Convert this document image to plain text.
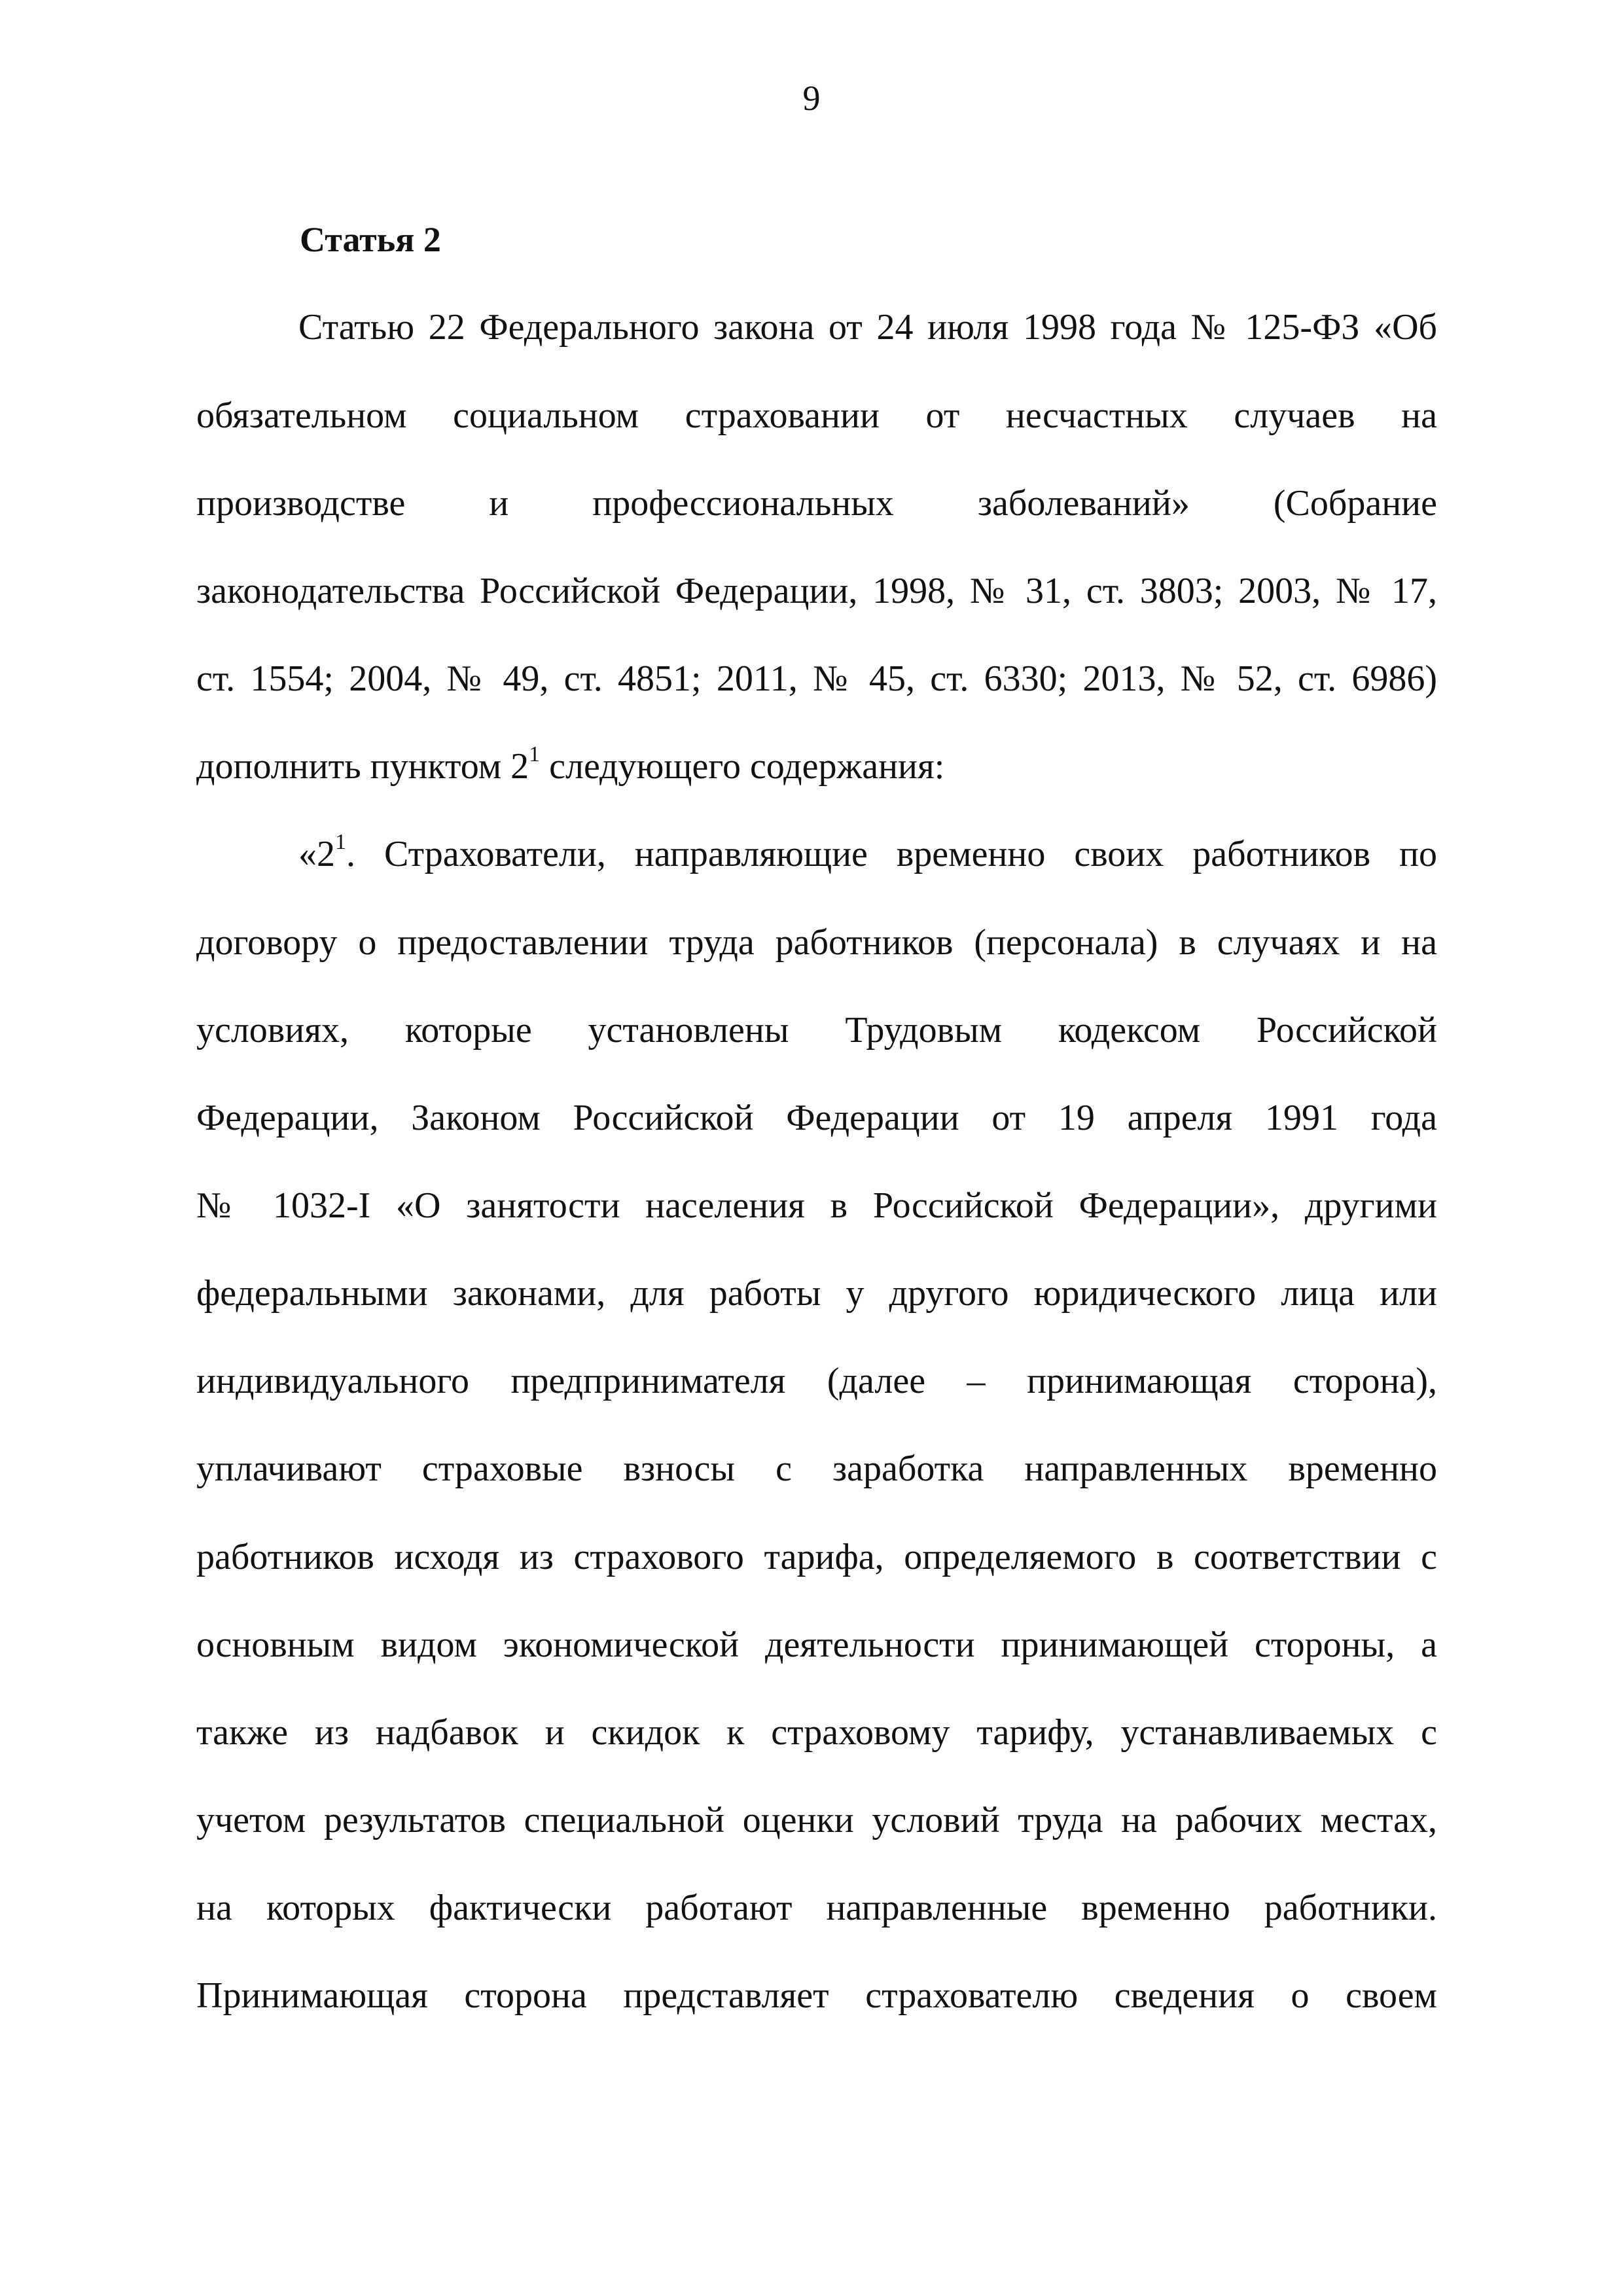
9
Статья 2
Статью 22 Федерального закона от 24 июля 1998 года № 125-ФЗ «Об
обязательном социальном страховании от несчастных случаев на
производстве и профессиональных заболеваний» (Собрание
законодательства Российской Федерации, 1998, № 31, ст. 3803; 2003, № 17,
ст. 1554; 2004, № 49, ст. 4851; 2011, № 45, ст. 6330; 2013, № 52, ст. 6986)
дополнить пунктом $2^1$ следующего содержания:
«$2^1$. Страхователи, направляющие временно своих работников по
договору о предоставлении труда работников (персонала) в случаях и на
условиях, которые установлены Трудовым кодексом Российской
Федерации, Законом Российской Федерации от 19 апреля 1991 года
№ 1032-I «О занятости населения в Российской Федерации», другими
федеральными законами, для работы у другого юридического лица или
индивидуального предпринимателя (далее – принимающая сторона),
уплачивают страховые взносы с заработка направленных временно
работников исходя из страхового тарифа, определяемого в соответствии с
основным видом экономической деятельности принимающей стороны, а
также из надбавок и скидок к страховому тарифу, устанавливаемых с
учетом результатов специальной оценки условий труда на рабочих местах,
на которых фактически работают направленные временно работники.
Принимающая сторона представляет страхователю сведения о своем
